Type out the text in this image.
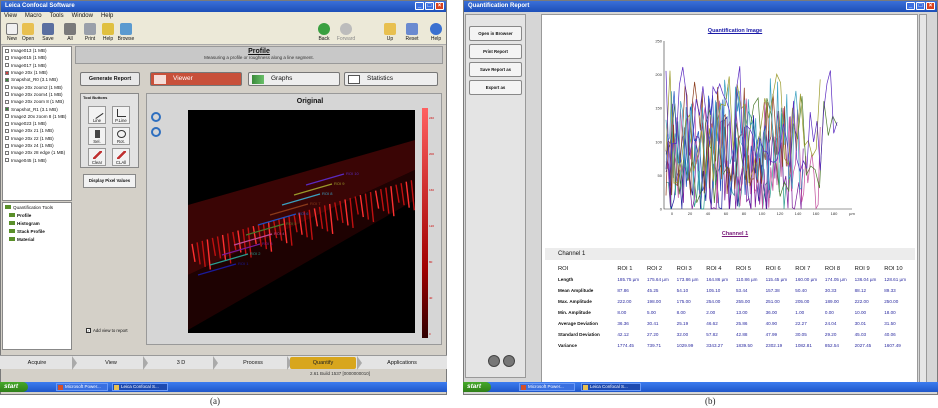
Leica Confocal Software	_	□	×
View Macro Tools Window Help
New Open	Save	All	Print	Help Browse	Back	Forward	Up	Reset	Help
Image013 (1 MB)
Image015 (1 MB)
Image017 (1 MB)
Image 20x (1 MB)
Snapshot_R0 (3.1 MB)
Image 20x zoom2 (1 MB)
Image 20x zoom4 (1 MB)
Image 20x zoom 8 (1 MB)
Snapshot_R1 (3.1 MB)
Image2 20x zoom 8 (1 MB)
Image023 (1 MB)
Image 20x z1 (1 MB)
Image 20x z2 (1 MB)
Image 20x z4 (1 MB)
Image 20x z8 edge (1 MB)
Image045 (1 MB)
Quantification Tools
Profile
Histogram
Stack Profile
Material
Profile
Measuring a profile or roughness along a line segment.
Generate Report	Viewer	Graphs	Statistics
Tool Buttons
Line	P.Line
Sel.	Rot.
Clear	CLAll
Display Pixel Values
✓ Add view to report
Original
ROI 1
ROI 2
ROI 3
ROI 4
ROI 5
ROI 6
ROI 7
ROI 8
ROI 9
ROI 10
240
200
160
120
80
40
0
Acquire	View	3 D	Process	Quantify	Applications
2.61 Build 1537 [0000000010]
start	Microsoft Power...	Leica Confocal S...
(a)
Quantification Report	_	□	×
Open in Browser
Print Report
Save Report as
Export as
Quantification Image
0
50
100
150
200
250
0	20	40	60	80	100	120	140	160	180	µm
Channel 1
Channel 1
ROI	ROI 1	ROI 2	ROI 3	ROI 4	ROI 5	ROI 6	ROI 7	ROI 8	ROI 9	ROI 10
Length	185.75 µm	175.64 µm	173.86 µm	164.86 µm	110.86 µm	115.45 µm	160.00 µm	174.05 µm	136.04 µm	128.61 µm
Mean Amplitude	87.86	45.25	54.10	105.10	53.44	157.38	50.40	30.33	88.12	89.33
Max. Amplitude	222.00	198.00	175.00	254.00	255.00	251.00	205.00	189.00	222.00	250.00
Min. Amplitude	8.00	5.00	8.00	2.00	13.00	36.00	1.00	0.00	10.00	18.00
Average Deviation	36.36	30.41	25.19	46.62	25.86	40.90	22.27	24.04	30.01	31.50
Standard Deviation	42.12	27.20	32.00	57.82	42.88	47.99	30.05	29.20	45.03	40.06
Variance	1774.45	739.71	1029.99	3343.27	1839.50	2302.19	1082.81	852.54	2027.45	1607.49
start	Microsoft Power...	Leica Confocal S...
(b)
